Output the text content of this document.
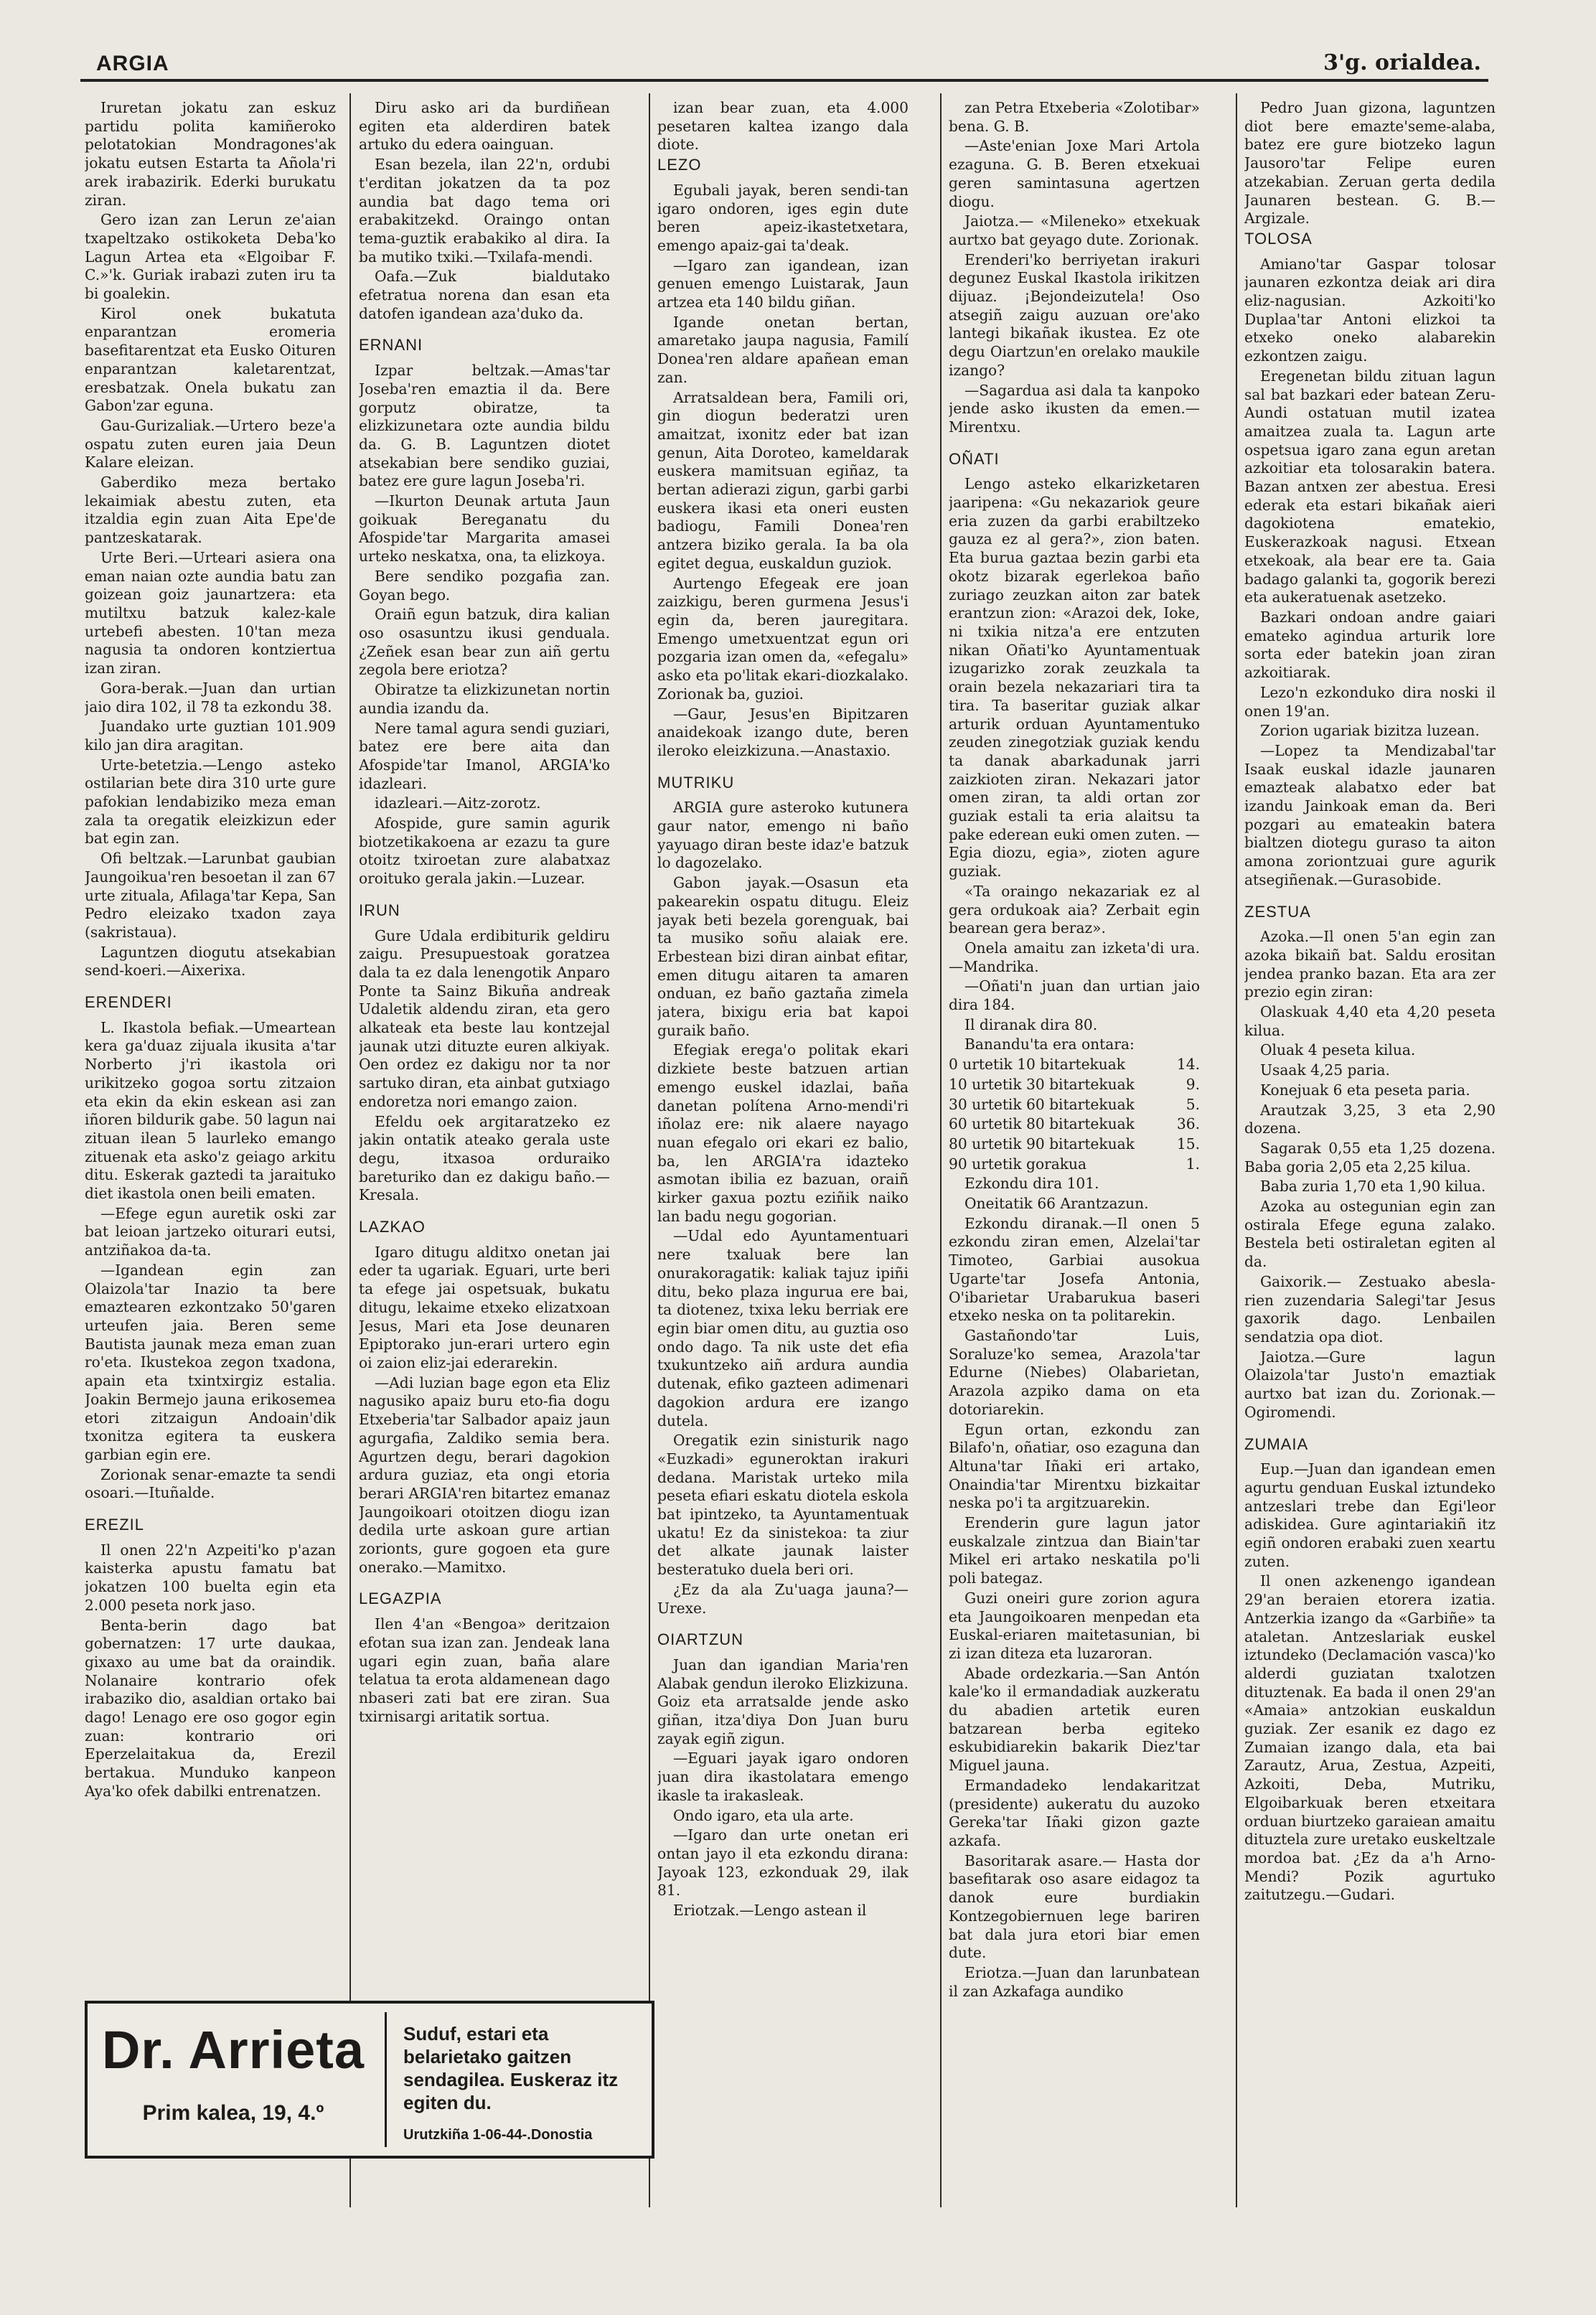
ARGIA	3'g. orialdea.

Iruretan jokatu zan eskuz partidu polita kamiñeroko pelotatokian Mondragones'ak jokatu eutsen Estarta ta Añola'ri arek irabazirik. Ederki burukatu ziran.

Gero izan zan Lerun ze'aian txapeltzako ostikoketa Deba'ko Lagun Artea eta «Elgoibar F. C.»'k. Guriak irabazi zuten iru ta bi goalekin.

Kirol onek bukatuta enparantzan eromeria basefitarentzat eta Eusko Oituren enparantzan kaletarentzat, eresbatzak. Onela bukatu zan Gabon'zar eguna.

Gau-Gurizaliak.—Urtero beze'a ospatu zuten euren jaia Deun Kalare eleizan.

Gaberdiko meza bertako lekaimiak abestu zuten, eta itzaldia egin zuan Aita Epe'de pantzeskatarak.

Urte Beri.—Urteari asiera ona eman naian ozte aundia batu zan goizean goiz jaunartzera: eta mutiltxu batzuk kalez-kale urtebefi abesten. 10'tan meza nagusia ta ondoren kontziertua izan ziran.

Gora-berak.—Juan dan urtian jaio dira 102, il 78 ta ezkondu 38.

Juandako urte guztian 101.909 kilo jan dira aragitan.

Urte-betetzia.—Lengo asteko ostilarian bete dira 310 urte gure pafokian lendabiziko meza eman zala ta oregatik eleizkizun eder bat egin zan.

Ofi beltzak.—Larunbat gaubian Jaungoikua'ren besoetan il zan 67 urte zituala, Afilaga'tar Kepa, San Pedro eleizako txadon zaya (sakristaua).

Laguntzen diogutu atsekabian send-koeri.—Aixerixa.

ERENDERI

L. Ikastola befiak.—Umeartean kera ga'duaz zijuala ikusita a'tar Norberto j'ri ikastola ori urikitzeko gogoa sortu zitzaion eta ekin da ekin eskean asi zan iñoren bildurik gabe. 50 lagun nai zituan ilean 5 laurleko emango zituenak eta asko'z geiago arkitu ditu. Eskerak gaztedi ta jaraituko diet ikastola onen beili ematen.

—Efege egun auretik oski zar bat leioan jartzeko oiturari eutsi, antziñakoa da-ta.

—Igandean egin zan Olaizola'tar Inazio ta bere emaztearen ezkontzako 50'garen urteufen jaia. Beren seme Bautista jaunak meza eman zuan ro'eta. Ikustekoa zegon txadona, apain eta txintxirgiz estalia. Joakin Bermejo jauna erikosemea etori zitzaigun Andoain'dik txonitza egitera ta euskera garbian egin ere.

Zorionak senar-emazte ta sendi osoari.—Ituñalde.

EREZIL

Il onen 22'n Azpeiti'ko p'azan kaisterka apustu famatu bat jokatzen 100 bueltа egin eta 2.000 peseta nork jaso.

Benta-berin dago bat gobernatzen: 17 urte daukaa, gixaxo au ume bat da oraindik. Nolanaire kontrario ofek irabaziko dio, asaldian ortako bai dago! Lenago ere oso gogor egin zuan: kontrario ori Eperzelaitakua da, Erezil bertakua. Munduko kanpeon Aya'ko ofek dabilki entrenatzen.

Diru asko ari da burdiñean egiten eta alderdiren batek artuko du edera oainguan.

Esan bezela, ilan 22'n, ordubi t'erditan jokatzen da ta poz aundia bat dago tema ori erabakitzekd. Oraingo ontan tema-guztik erabakiko al dira. Ia ba mutiko txiki.—Txilafa-mendi.

Oafa.—Zuk bialdutako efetratua norena dan esan eta datofen igandean aza'duko da.

ERNANI

Izpar beltzak.—Amas'tar Joseba'ren emaztia il da. Bere gorputz obiratze, ta elizkizunetara ozte aundia bildu da. G. B. Laguntzen diotet atsekabian bere sendiko guziai, batez ere gure lagun Joseba'ri.

—Ikurton Deunak artuta Jaun goikuak Bereganatu du Afospide'tar Margarita amasei urteko neskatxa, ona, ta elizkoya.

Bere sendiko pozgafia zan. Goyan bego.

Oraiñ egun batzuk, dira kalian oso osasuntzu ikusi genduala. ¿Zeñek esan bear zun aiñ gertu zegola bere eriotza?

Obiratze ta elizkizunetan nortin aundia izandu da.

Nere tamal agura sendi guziari, batez ere bere aita dan Afospide'tar Imanol, ARGIA'ko idazleari.

idazleari.—Aitz-zorotz.

Afospide, gure samin agurik biotzetikakoena ar ezazu ta gure otoitz txiroetan zure alabatxaz oroituko gerala jakin.—Luzear.

IRUN

Gure Udala erdibiturik geldiru zaigu. Presupuestoak goratzea dala ta ez dala lenengotik Anparo Ponte ta Sainz Bikuña andreak Udaletik aldendu ziran, eta gero alkateak eta beste lau kontzejal jaunak utzi dituzte euren alkiyak. Oen ordez ez dakigu nor ta nor sartuko diran, eta ainbat gutxiago endoretza nori emango zaion.

Efeldu oek argitaratzeko ez jakin ontatik ateako gerala uste degu, itxasoa orduraiko bareturiko dan ez dakigu baño.—Kresala.

LAZKAO

Igaro ditugu alditxo onetan jai eder ta ugariak. Eguari, urte beri ta efege jai ospetsuak, bukatu ditugu, lekaime etxeko elizatxoan Jesus, Mari eta Jose deunaren Epiptorako jun-erari urtero egin oi zaion eliz-jai ederarekin.

—Adi luzian bage egon eta Eliz nagusiko apaiz buru eto-fia dogu Etxeberia'tar Salbador apaiz jaun agurgafia, Zaldiko semia bera. Agurtzen degu, berari dagokion ardura guziaz, eta ongi etoria berari ARGIA'ren bitartez emanaz Jaungoikoari otoitzen diogu izan dedila urte askoan gure artian zorionts, gure gogoen eta gure onerako.—Mamitxo.

LEGAZPIA

Ilen 4'an «Bengoa» deritzaion efotan sua izan zan. Jendeak lana ugari egin zuan, baña alare telatua ta erota aldamenean dago nbaseri zati bat ere ziran. Sua txirnisargi aritatik sortua.

izan bear zuan, eta 4.000 pesetaren kaltea izango dala diote.

LEZO

Egubali jayak, beren sendi-tan igaro ondoren, iges egin dute beren apeiz-ikastetxetara, emengo apaiz-gai ta'deak.

—Igaro zan igandean, izan genuen emengo Luistarak, Jaun artzea eta 140 bildu giñan.

Igande onetan bertan, amaretako jaupa nagusia, Familí Donea'ren aldare apañean eman zan.

Arratsaldean bera, Famili ori, gin diogun bederatzi uren amaitzat, ixonitz eder bat izan genun, Aita Doroteo, kameldarak euskera mamitsuan egiñaz, ta bertan adierazi zigun, garbi garbi euskera ikasi eta oneri eusten badiogu, Famili Donea'ren antzera biziko gerala. Ia ba ola egitet degua, euskaldun guziok.

Aurtengo Efegeak ere joan zaizkigu, beren gurmena Jesus'i egin da, beren jauregitara. Emengo umetxuentzat egun ori pozgaria izan omen da, «efegalu» asko eta po'litak ekari-diozkalako. Zorionak ba, guzioi.

—Gaur, Jesus'en Bipitzaren anaidekoak izango dute, beren ileroko eleizkizuna.—Anastaxio.

MUTRIKU

ARGIA gure asteroko kutunera gaur nator, emengo ni baño yayuago diran beste idaz'e batzuk lo dagozelako.

Gabon jayak.—Osasun eta pakearekin ospatu ditugu. Eleiz jayak beti bezela gorenguak, bai ta musiko soñu alaiak ere. Erbestean bizi diran ainbat efitar, emen ditugu aitaren ta amaren onduan, ez baño gaztaña zimela jatera, bixigu eria bat kapoi guraik baño.

Efegiak erega'o politak ekari dizkiete beste batzuen artian emengo euskel idazlai, baña danetan polítena Arno-mendi'ri iñolaz ere: nik alaere nayago nuan efegalo ori ekari ez balio, ba, len ARGIA'ra idazteko asmotan ibilia ez bazuan, oraiñ kirker gaxua poztu eziñik naiko lan badu negu gogorian.

—Udal edo Ayuntamentuari nere txaluak bere lan onurakoragatik: kaliak tajuz ipiñi ditu, beko plaza ingurua ere bai, ta diotenez, txixa leku berriak ere egin biar omen ditu, au guztia oso ondo dago. Ta nik uste det efia txukuntzeko aiñ ardura aundia dutenak, efiko gazteen adimenari dagokion ardura ere izango dutela.

Oregatik ezin sinisturik nago «Euzkadi» eguneroktan irakuri dedana. Maristak urteko mila peseta efiari eskatu diotela eskola bat ipintzeko, ta Ayuntamentuak ukatu! Ez da sinistekoa: ta ziur det alkate jaunak laister besteratuko duela beri ori.

¿Ez da ala Zu'uaga jauna?—Urexe.

OIARTZUN

Juan dan igandian Maria'ren Alabak gendun ileroko Elizkizuna. Goiz eta arratsalde jende asko giñan, itza'diya Don Juan buru zayak egiñ zigun.

—Eguari jayak igaro ondoren juan dira ikastolatara emengo ikasle ta irakasleak.

Ondo igaro, eta ula arte.

—Igaro dan urte onetan eri ontan jayo il eta ezkondu dirana: Jayoak 123, ezkonduak 29, ilak 81.

Eriotzak.—Lengo astean il

zan Petra Etxeberia «Zolotibar» bena. G. B.

—Aste'enian Joxe Mari Artola ezaguna. G. B. Beren etxekuai geren samintasuna agertzen diogu.

Jaiotza.— «Mileneko» etxekuak aurtxo bat geyago dute. Zorionak.

Erenderi'ko berriyetan irakuri degunez Euskal Ikastola irikitzen dijuaz. ¡Bejondeizutela! Oso atsegiñ zaigu auzuan ore'ako lantegi bikañak ikustea. Ez ote degu Oiartzun'en orelako maukile izango?

—Sagardua asi dala ta kanpoko jende asko ikusten da emen.—Mirentxu.

OÑATI

Lengo asteko elkarizketaren jaaripena: «Gu nekazariok geure eria zuzen da garbi erabiltzeko gauza ez al gera?», zion baten. Eta burua gaztaa bezin garbi eta okotz bizarak egerlekoa baño zuriago zeuzkan aiton zar batek erantzun zion: «Arazoi dek, Ioke, ni txikia nitza'a ere entzuten nikan Oñati'ko Ayuntamentuak izugarizko zorak zeuzkala ta orain bezela nekazariari tira ta tira. Ta baseritar guziak alkar arturik orduan Ayuntamentuko zeuden zinegotziak guziak kendu ta danak abarkadunak jarri zaizkioten ziran. Nekazari jator omen ziran, ta aldi ortan zor guziak estali ta eria alaitsu ta pake ederean euki omen zuten. —Egia diozu, egia», zioten agure guziak.

«Ta oraingo nekazariak ez al gera ordukoak aia? Zerbait egin bearean gera beraz».

Onela amaitu zan izketa'di ura.—Mandrika.

—Oñati'n juan dan urtian jaio dira 184.

Il diranak dira 80.

Banandu'ta era ontara:

0 urtetik 10 bitartekuak	14.

10 urtetik 30 bitartekuak	9.

30 urtetik 60 bitartekuak	5.

60 urtetik 80 bitartekuak	36.

80 urtetik 90 bitartekuak	15.

90 urtetik gorakua	1.

Ezkondu dira 101.

Oneitatik 66 Arantzazun.

Ezkondu diranak.—Il onen 5 ezkondu ziran emen, Alzelai'tar Timoteo, Garbiai ausokua Ugarte'tar Josefa Antonia, O'ibarietar Urabarukua baseri etxeko neska on ta politarekin.

Gastañondo'tar Luis, Soraluze'ko semea, Arazola'tar Edurne (Niebes) Olabarietan, Arazola azpiko dama on eta dotoriarekin.

Egun ortan, ezkondu zan Bilafo'n, oñatiar, oso ezaguna dan Altuna'tar Iñaki eri artako, Onaindia'tar Mirentxu bizkaitar neska po'i ta argitzuarekin.

Erenderin gure lagun jator euskalzale zintzua dan Biain'tar Mikel eri artako neskatila po'li poli bategaz.

Guzi oneiri gure zorion agura eta Jaungoikoaren menpedan eta Euskal-eriaren maitetasunian, bi zi izan diteza eta luzaroran.

Abade ordezkaria.—San Antón kale'ko il ermandadiak auzkeratu du abadien artetik euren batzarean berba egiteko eskubidiarekin bakarik Diez'tar Miguel jauna.

Ermandadeko lendakaritzat (presidente) aukeratu du auzoko Gereka'tar Iñaki gizon gazte azkafa.

Basoritarak asare.— Hasta dor basefitarak oso asare eidagoz ta danok eure burdiakin Kontzegobiernuen lege bariren bat dala jura etori biar emen dute.

Eriotza.—Juan dan larunbatean il zan Azkafaga aundiko

Pedro Juan gizona, laguntzen diot bere emazte'seme-alaba, batez ere gure biotzeko lagun Jausoro'tar Felipe euren atzekabian. Zeruan gerta dedila Jaunaren bestean. G. B.—Argizale.

TOLOSA

Amiano'tar Gaspar tolosar jaunaren ezkontza deiak ari dira eliz-nagusian. Azkoiti'ko Duplaa'tar Antoni elizkoi ta etxeko oneko alabarekin ezkontzen zaigu.

Eregenetan bildu zituan lagun sal bat bazkari eder batean Zeru-Aundi ostatuan mutil izatea amaitzea zuala ta. Lagun arte ospetsua igaro zana egun aretan azkoitiar eta tolosarakin batera. Bazan antxen zer abestua. Eresi ederak eta estari bikañak aieri dagokiotena ematekio, Euskerazkoak nagusi. Etxean etxekoak, ala bear ere ta. Gaia badago galanki ta, gogorik berezi eta aukeratuenak asetzeko.

Bazkari ondoan andre gaiari emateko agindua arturik lore sorta eder batekin joan ziran azkoitiarak.

Lezo'n ezkonduko dira noski il onen 19'an.

Zorion ugariak bizitza luzean.

—Lopez ta Mendizabal'tar Isaak euskal idazle jaunaren emazteak alabatxo eder bat izandu Jainkoak eman da. Beri pozgari au emateakin batera bialtzen diotegu guraso ta aiton amona zoriontzuai gure agurik atsegiñenak.—Gurasobide.

ZESTUA

Azoka.—Il onen 5'an egin zan azoka bikaiñ bat. Saldu erositan jendea pranko bazan. Eta ara zer prezio egin ziran:

Olaskuak 4,40 eta 4,20 peseta kilua.

Oluak 4 peseta kilua.

Usaak 4,25 paria.

Konejuak 6 eta peseta paria.

Arautzak 3,25, 3 eta 2,90 dozena.

Sagarak 0,55 eta 1,25 dozena. Baba goria 2,05 eta 2,25 kilua.

Baba zuria 1,70 eta 1,90 kilua.

Azoka au ostegunian egin zan ostirala Efege eguna zalako. Bestela beti ostiraletan egiten al da.

Gaixorik.— Zestuako abesla-rien zuzendaria Salegi'tar Jesus gaxorik dago. Lenbailen sendatzia opa diot.

Jaiotza.—Gure lagun Olaizola'tar Justo'n emaztiak aurtxo bat izan du. Zorionak.—Ogiromendi.

ZUMAIA

Eup.—Juan dan igandean emen agurtu genduan Euskal iztundeko antzeslari trebe dan Egi'leor adiskidea. Gure agintariakiñ itz egiñ ondoren erabaki zuen xeartu zuten.

Il onen azkenengo igandean 29'an beraien etorera izatia. Antzerkia izango da «Garbiñe» ta ataletan. Antzeslariak euskel iztundeko (Declamación vasca)'ko alderdi guziatan txalotzen dituztenak. Ea bada il onen 29'an «Amaia» antzokian euskaldun guziak. Zer esanik ez dago ez Zumaian izango dala, eta bai Zarautz, Arua, Zestua, Azpeiti, Azkoiti, Deba, Mutriku, Elgoibarkuak beren etxeitara orduan biurtzeko garaiean amaitu dituztela zure uretako euskeltzale mordoa bat. ¿Ez da a'h Arno-Mendi? Pozik agurtuko zaitutzegu.—Gudari.

Dr. Arrieta
Prim kalea, 19, 4.º
Suduf, estari eta belarietako gaitzen sendagilea. Euskeraz itz egiten du.
Urutzkiña 1-06-44-.Donostia
